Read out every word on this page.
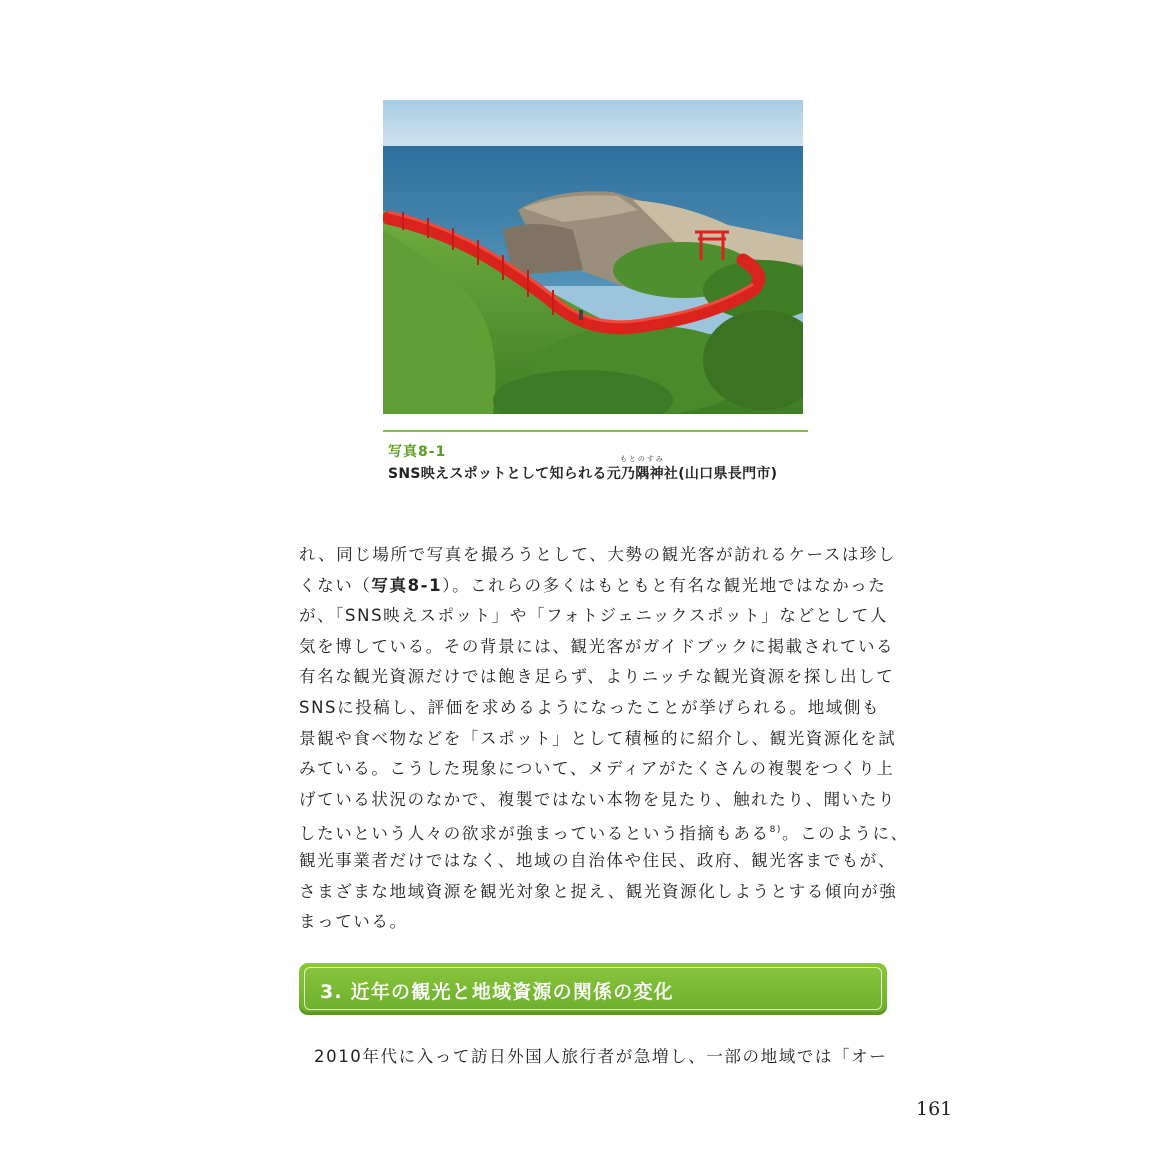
写真8-1
SNS映えスポットとして知られる
もとのすみ
元乃隅神社(山口県長門市)
れ、同じ場所で写真を撮ろうとして、大勢の観光客が訪れるケースは珍し
くない（写真8-1）。これらの多くはもともと有名な観光地ではなかった
が、「SNS映えスポット」や「フォトジェニックスポット」などとして人
気を博している。その背景には、観光客がガイドブックに掲載されている
有名な観光資源だけでは飽き足らず、よりニッチな観光資源を探し出して
SNSに投稿し、評価を求めるようになったことが挙げられる。地域側も
景観や食べ物などを「スポット」として積極的に紹介し、観光資源化を試
みている。こうした現象について、メディアがたくさんの複製をつくり上
げている状況のなかで、複製ではない本物を見たり、触れたり、聞いたり
したいという人々の欲求が強まっているという指摘もある$^{8)}$。このように、
観光事業者だけではなく、地域の自治体や住民、政府、観光客までもが、
さまざまな地域資源を観光対象と捉え、観光資源化しようとする傾向が強
まっている。
3. 近年の観光と地域資源の関係の変化
2010年代に入って訪日外国人旅行者が急増し、一部の地域では「オー
161
